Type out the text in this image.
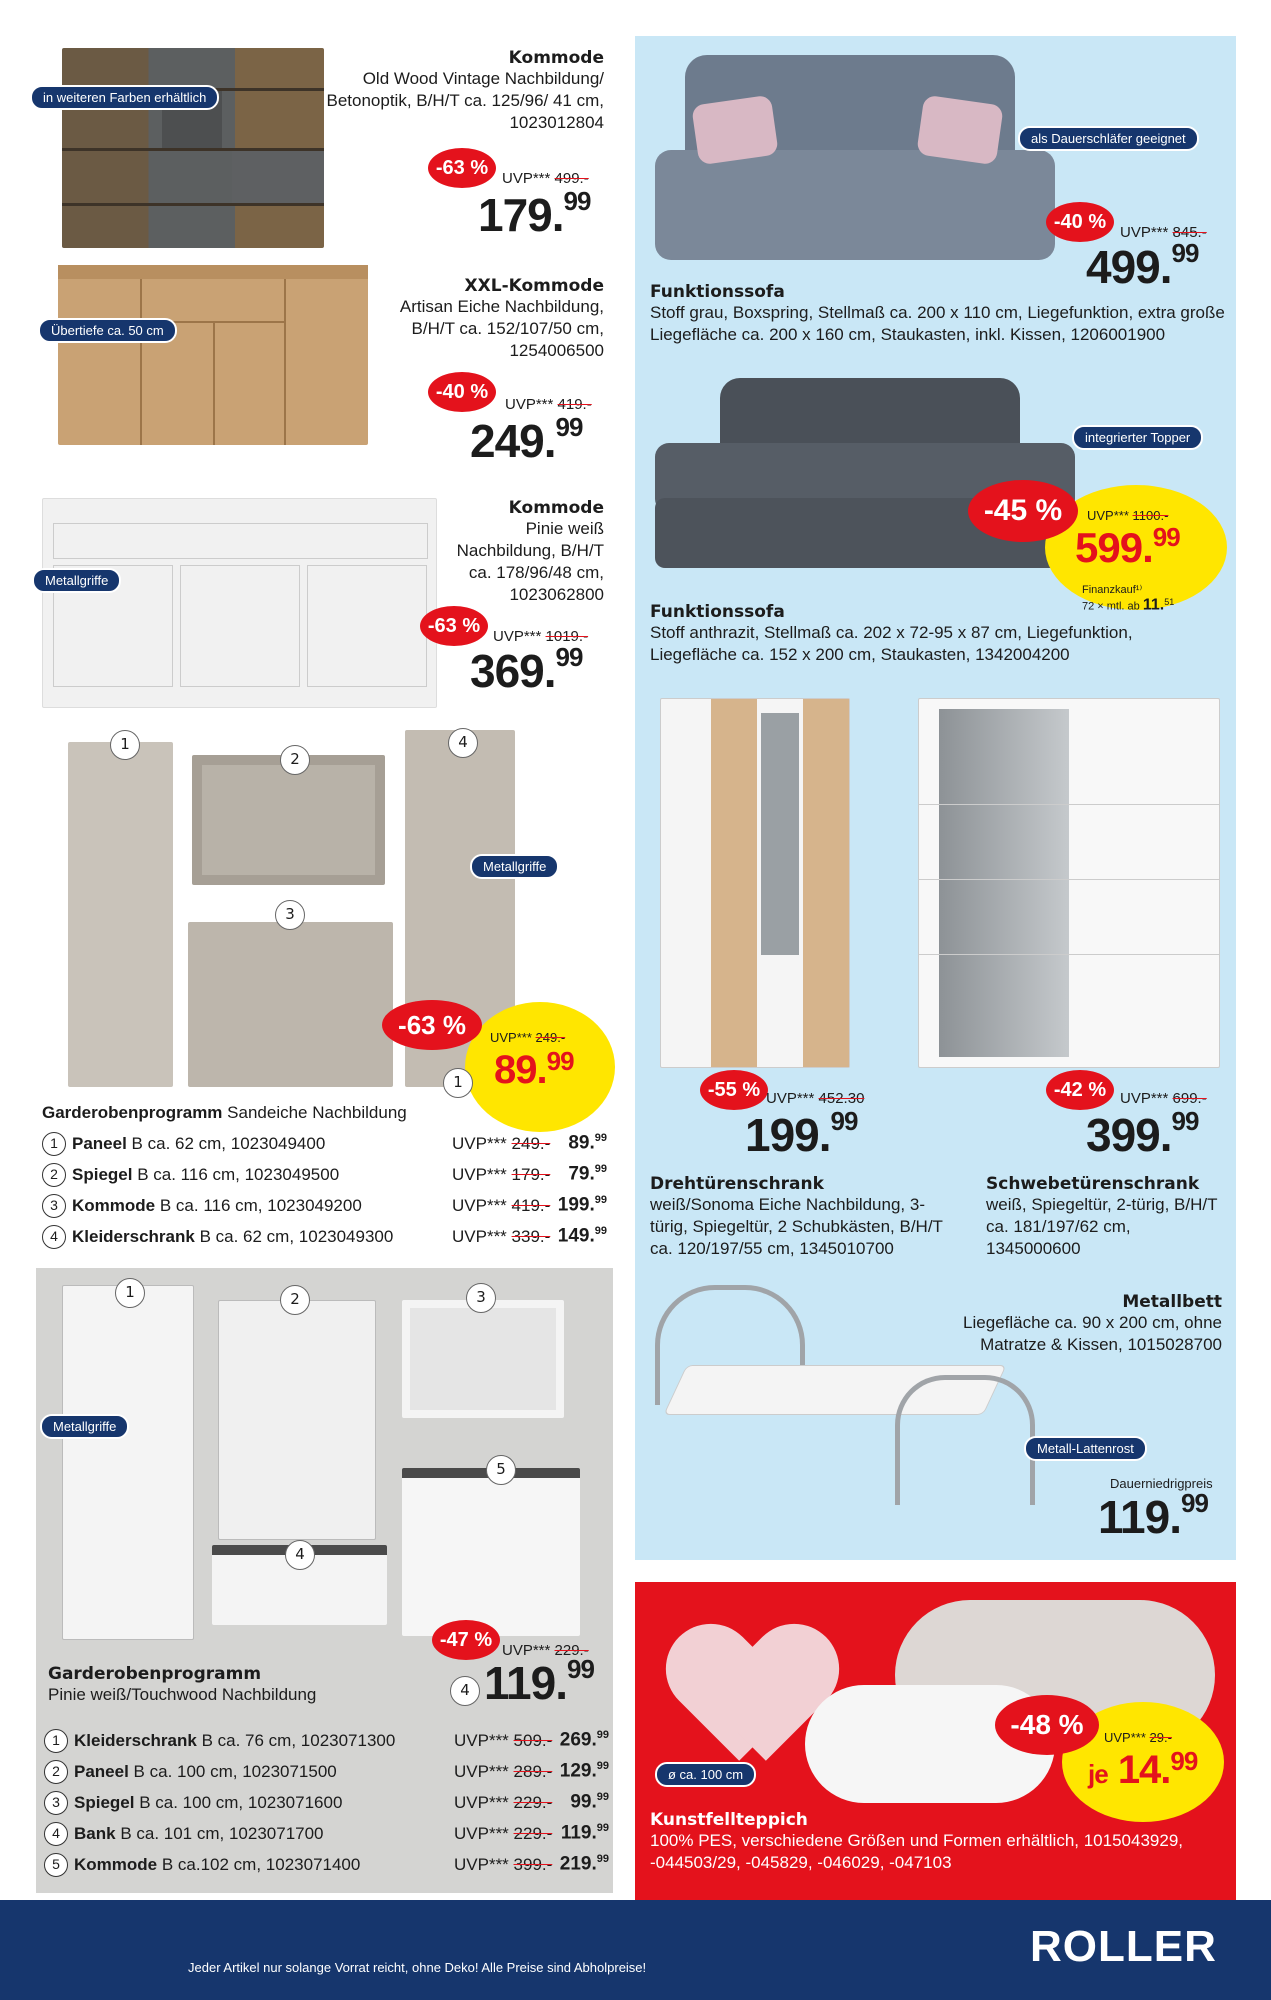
in weiteren Farben erhältlich
Kommode
Old Wood Vintage Nachbildung/ Betonoptik, B/H/T ca. 125/96/ 41 cm, 1023012804
-63 % UVP*** 499.-
179.99
Übertiefe ca. 50 cm
XXL-Kommode
Artisan Eiche Nachbildung, B/H/T ca. 152/107/50 cm, 1254006500
-40 %
UVP*** 419.-
249.99
Metallgriffe
Kommode
Pinie weiß Nachbildung, B/H/T ca. 178/96/48 cm, 1023062800
-63 % UVP*** 1019.-
369.99
1
2
3
4
Metallgriffe
-63 %	UVP*** 249.-
89.99
1
Garderobenprogramm Sandeiche Nachbildung
1 Paneel B ca. 62 cm, 1023049400	UVP*** 249.- 89.99
2 Spiegel B ca. 116 cm, 1023049500	UVP*** 179.- 79.99
3 Kommode B ca. 116 cm, 1023049200	UVP*** 419.- 199.99
4 Kleiderschrank B ca. 62 cm, 1023049300	UVP*** 339.- 149.99
1	2	3
4
5
Metallgriffe
-47 % UVP*** 229.-
4 119.99
Garderobenprogramm
Pinie weiß/Touchwood Nachbildung
1 Kleiderschrank B ca. 76 cm, 1023071300	UVP*** 509.- 269.99
2 Paneel B ca. 100 cm, 1023071500	UVP*** 289.- 129.99
3 Spiegel B ca. 100 cm, 1023071600	UVP*** 229.- 99.99
4 Bank B ca. 101 cm, 1023071700	UVP*** 229.- 119.99
5 Kommode B ca.102 cm, 1023071400	UVP*** 399.- 219.99
als Dauerschläfer geeignet
-40 % UVP*** 845.-
499.99
Funktionssofa
Stoff grau, Boxspring, Stellmaß ca. 200 x 110 cm, Liegefunktion, extra große Liegefläche ca. 200 x 160 cm, Staukasten, inkl. Kissen, 1206001900
integrierter Topper
-45 %	UVP*** 1100.-
599.99
Finanzkauf¹⁾
72 × mtl. ab 11.51
Funktionssofa
Stoff anthrazit, Stellmaß ca. 202 x 72-95 x 87 cm, Liegefunktion, Liegefläche ca. 152 x 200 cm, Staukasten, 1342004200
-55 % UVP*** 452.30
199.99
Drehtürenschrank
weiß/Sonoma Eiche Nachbildung, 3-türig, Spiegeltür, 2 Schubkästen, B/H/T ca. 120/197/55 cm, 1345010700
-42 % UVP*** 699.-
399.99
Schwebetürenschrank
weiß, Spiegeltür, 2-türig, B/H/T ca. 181/197/62 cm, 1345000600
Metallbett
Liegefläche ca. 90 x 200 cm, ohne Matratze & Kissen, 1015028700
Metall-Lattenrost
Dauerniedrigpreis
119.99
ø ca. 100 cm
-48 %	UVP*** 29.-
je 14.99
Kunstfellteppich
100% PES, verschiedene Größen und Formen erhältlich, 1015043929, -044503/29, -045829, -046029, -047103
Jeder Artikel nur solange Vorrat reicht, ohne Deko! Alle Preise sind Abholpreise!	ROLLER
